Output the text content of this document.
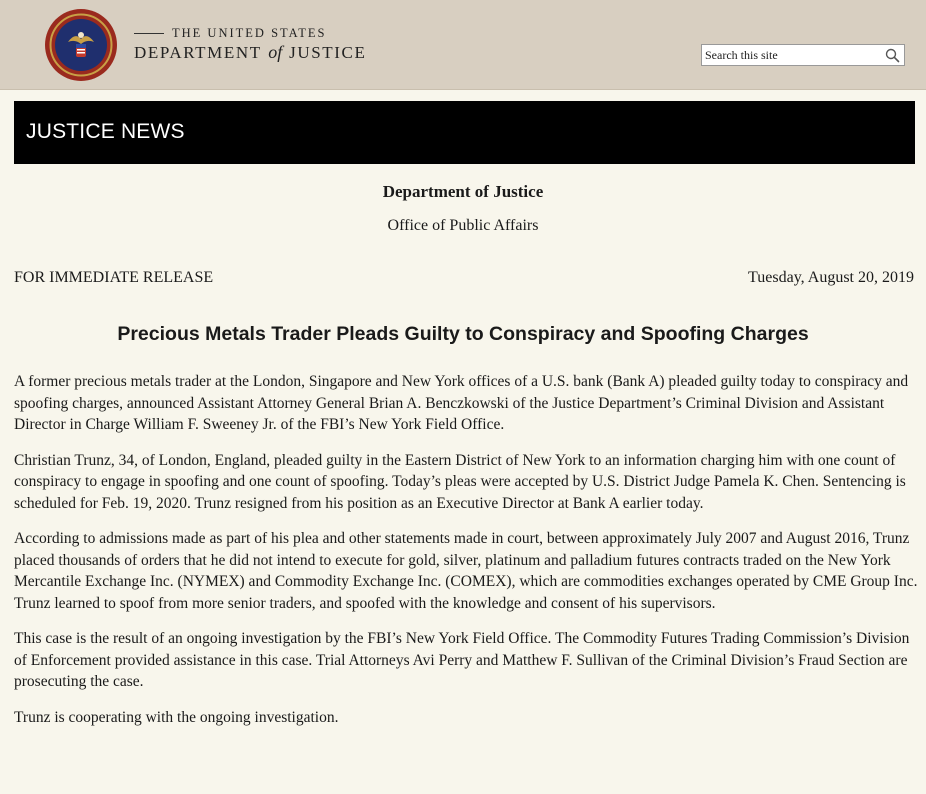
THE UNITED STATES
DEPARTMENT of JUSTICE
Search this site
JUSTICE NEWS
Department of Justice
Office of Public Affairs
FOR IMMEDIATE RELEASE	Tuesday, August 20, 2019
Precious Metals Trader Pleads Guilty to Conspiracy and Spoofing Charges

A former precious metals trader at the London, Singapore and New York offices of a U.S. bank (Bank A) pleaded guilty today to conspiracy and spoofing charges, announced Assistant Attorney General Brian A. Benczkowski of the Justice Department’s Criminal Division and Assistant Director in Charge William F. Sweeney Jr. of the FBI’s New York Field Office.

Christian Trunz, 34, of London, England, pleaded guilty in the Eastern District of New York to an information charging him with one count of conspiracy to engage in spoofing and one count of spoofing. Today’s pleas were accepted by U.S. District Judge Pamela K. Chen. Sentencing is scheduled for Feb. 19, 2020. Trunz resigned from his position as an Executive Director at Bank A earlier today.

According to admissions made as part of his plea and other statements made in court, between approximately July 2007 and August 2016, Trunz placed thousands of orders that he did not intend to execute for gold, silver, platinum and palladium futures contracts traded on the New York Mercantile Exchange Inc. (NYMEX) and Commodity Exchange Inc. (COMEX), which are commodities exchanges operated by CME Group Inc. Trunz learned to spoof from more senior traders, and spoofed with the knowledge and consent of his supervisors.

This case is the result of an ongoing investigation by the FBI’s New York Field Office. The Commodity Futures Trading Commission’s Division of Enforcement provided assistance in this case. Trial Attorneys Avi Perry and Matthew F. Sullivan of the Criminal Division’s Fraud Section are prosecuting the case.

Trunz is cooperating with the ongoing investigation.
